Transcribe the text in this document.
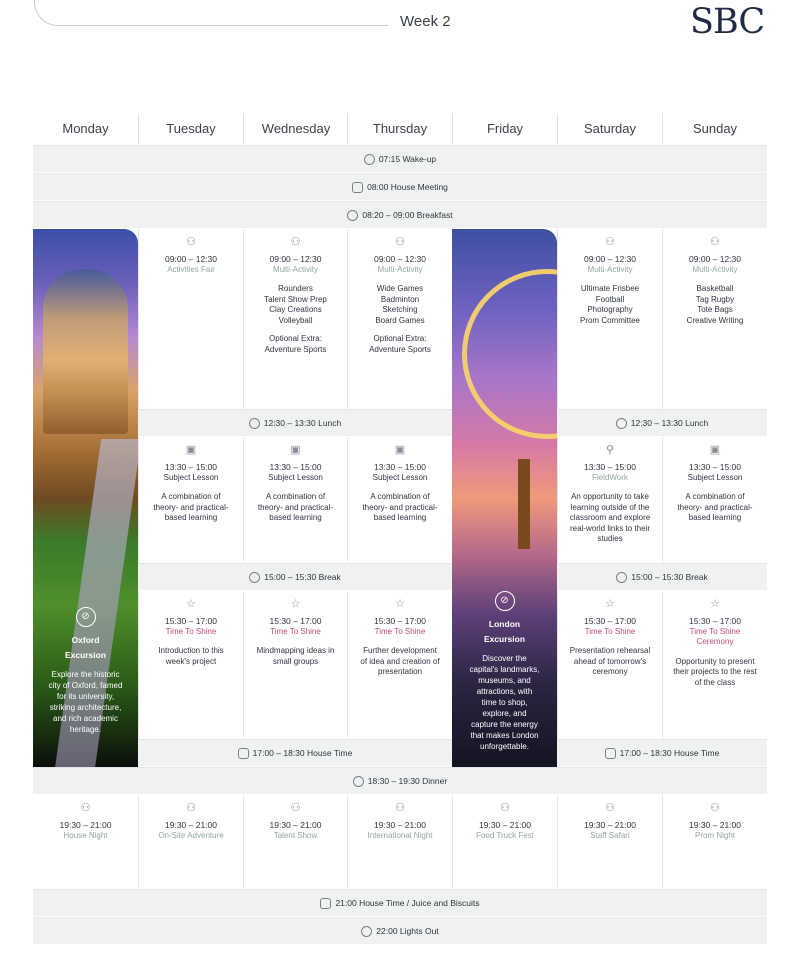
Week 2	SBC
Monday	Tuesday	Wednesday	Thursday	Friday	Saturday	Sunday
07:15 Wake-up
08:00 House Meeting
08:20 – 09:00 Breakfast
⊘
Oxford
Excursion
Explore the historic
city of Oxford, famed
for its university,
striking architecture,
and rich academic
heritage.
⊘
London
Excursion
Discover the
capital's landmarks,
museums, and
attractions, with
time to shop,
explore, and
capture the energy
that makes London
unforgettable.
⚇
09:00 – 12:30
Activities Fair
⚇
09:00 – 12:30
Multi-Activity
Rounders
Talent Show Prep
Clay Creations
Volleyball
Optional Extra:
Adventure Sports
⚇
09:00 – 12:30
Multi-Activity
Wide Games
Badminton
Sketching
Board Games
Optional Extra:
Adventure Sports
⚇
09:00 – 12:30
Multi-Activity
Ultimate Frisbee
Football
Photography
Prom Committee
⚇
09:00 – 12:30
Multi-Activity
Basketball
Tag Rugby
Tote Bags
Creative Writing
12:30 – 13:30 Lunch	12:30 – 13:30 Lunch
▣
13:30 – 15:00
Subject Lesson
A combination of
theory- and practical-
based learning
▣
13:30 – 15:00
Subject Lesson
A combination of
theory- and practical-
based learning
▣
13:30 – 15:00
Subject Lesson
A combination of
theory- and practical-
based learning
⚲
13:30 – 15:00
FieldWork
An opportunity to take
learning outside of the
classroom and explore
real-world links to their
studies
▣
13:30 – 15:00
Subject Lesson
A combination of
theory- and practical-
based learning
15:00 – 15:30 Break	15:00 – 15:30 Break
☆
15:30 – 17:00
Time To Shine
Introduction to this
week's project
☆
15:30 – 17:00
Time To Shine
Mindmapping ideas in
small groups
☆
15:30 – 17:00
Time To Shine
Further development
of idea and creation of
presentation
☆
15:30 – 17:00
Time To Shine
Presentation rehearsal
ahead of tomorrow's
ceremony
☆
15:30 – 17:00
Time To Shine
Ceremony
Opportunity to present
their projects to the rest
of the class
17:00 – 18:30 House Time	17:00 – 18:30 House Time
18:30 – 19:30 Dinner
⚇
19:30 – 21:00
House Night
⚇
19:30 – 21:00
On-Site Adventure
⚇
19:30 – 21:00
Talent Show
⚇
19:30 – 21:00
International Night
⚇
19:30 – 21:00
Food Truck Fest
⚇
19:30 – 21:00
Staff Safari
⚇
19:30 – 21:00
Prom Night
21:00 House Time / Juice and Biscuits
22:00 Lights Out
